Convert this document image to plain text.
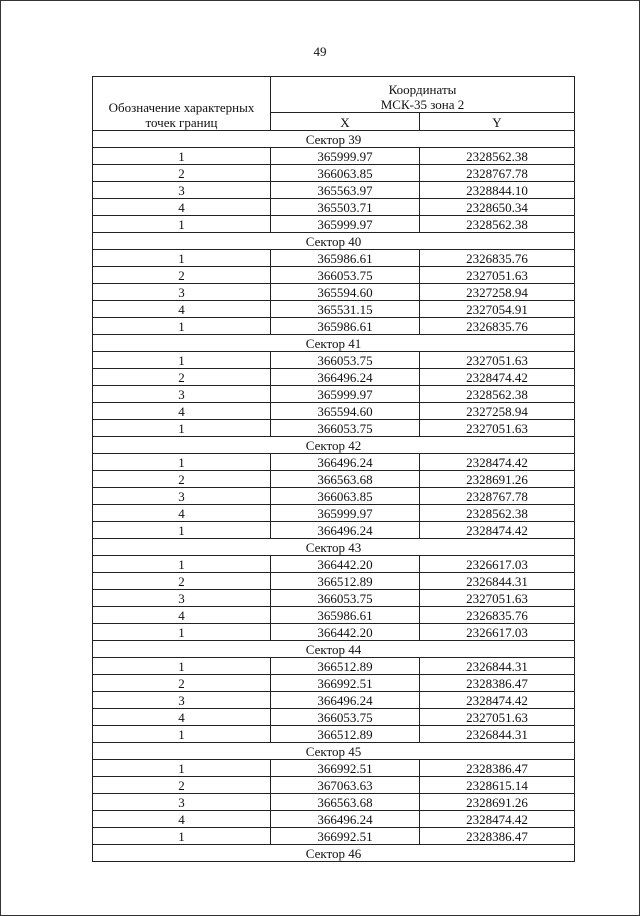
49
Обозначение характерных точек границ	Координаты
МСК-35 зона 2	

	X	Y
Сектор 39		
1	365999.97	2328562.38
2	366063.85	2328767.78
3	365563.97	2328844.10
4	365503.71	2328650.34
1	365999.97	2328562.38
Сектор 40		
1	365986.61	2326835.76
2	366053.75	2327051.63
3	365594.60	2327258.94
4	365531.15	2327054.91
1	365986.61	2326835.76
Сектор 41		
1	366053.75	2327051.63
2	366496.24	2328474.42
3	365999.97	2328562.38
4	365594.60	2327258.94
1	366053.75	2327051.63
Сектор 42		
1	366496.24	2328474.42
2	366563.68	2328691.26
3	366063.85	2328767.78
4	365999.97	2328562.38
1	366496.24	2328474.42
Сектор 43		
1	366442.20	2326617.03
2	366512.89	2326844.31
3	366053.75	2327051.63
4	365986.61	2326835.76
1	366442.20	2326617.03
Сектор 44		
1	366512.89	2326844.31
2	366992.51	2328386.47
3	366496.24	2328474.42
4	366053.75	2327051.63
1	366512.89	2326844.31
Сектор 45		
1	366992.51	2328386.47
2	367063.63	2328615.14
3	366563.68	2328691.26
4	366496.24	2328474.42
1	366992.51	2328386.47
Сектор 46		
